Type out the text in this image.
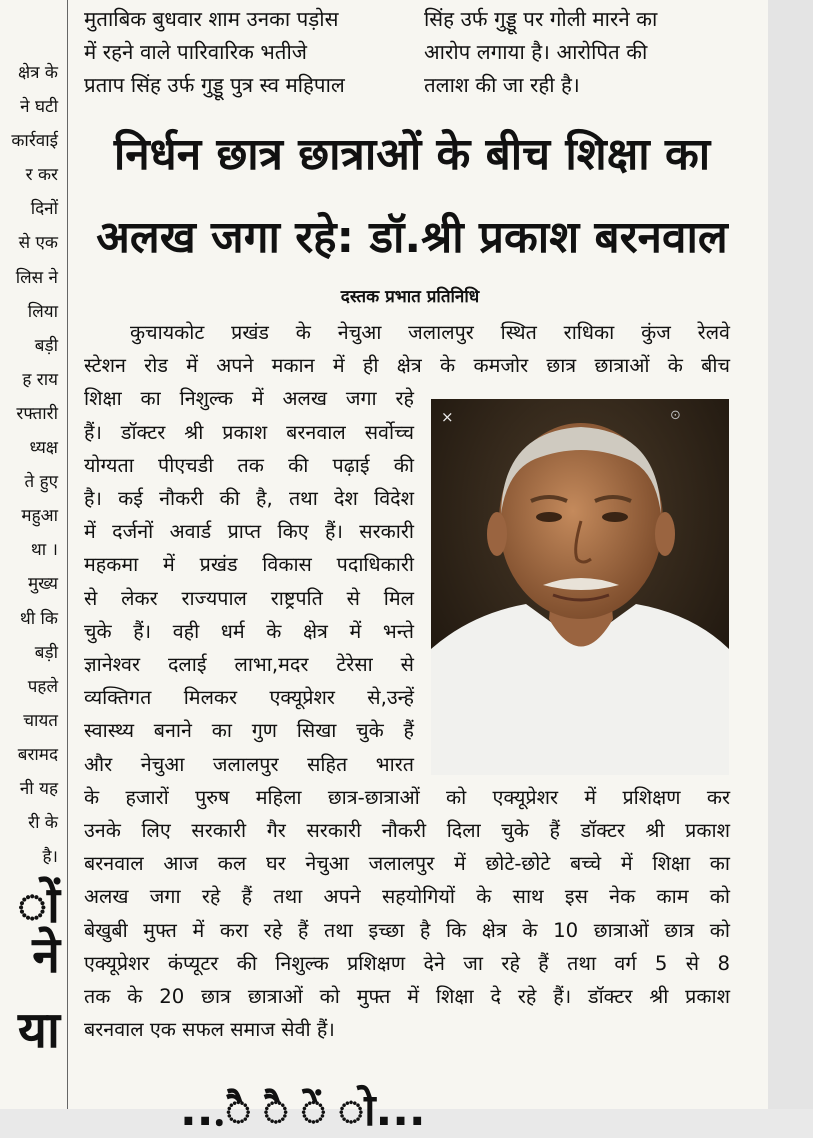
क्षेत्र के
ने घटी
कार्रवाई
र कर
दिनों
से एक
लिस ने
लिया
बड़ी
ह राय
रफ्तारी
ध्यक्ष
ते हुए
महुआ
था ।
मुख्य
थी कि
बड़ी
पहले
चायत
बरामद
नी यह
री के
है।
ों ने
या
मुताबिक बुधवार शाम उनका पड़ोस
में रहने वाले पारिवारिक भतीजे
प्रताप सिंह उर्फ गुड्डू पुत्र स्व महिपाल
सिंह उर्फ गुड्डू पर गोली मारने का
आरोप लगाया है। आरोपित की
तलाश की जा रही है।
निर्धन छात्र छात्राओं के बीच शिक्षा का
अलख जगा रहे: डॉ.श्री प्रकाश बरनवाल
दस्तक प्रभात प्रतिनिधि
कुचायकोट प्रखंड के नेचुआ जलालपुर स्थित राधिका कुंज रेलवे
स्टेशन रोड में अपने मकान में ही क्षेत्र के कमजोर छात्र छात्राओं के बीच
शिक्षा का निशुल्क में अलख जगा रहे
हैं। डॉक्टर श्री प्रकाश बरनवाल सर्वोच्च
योग्यता पीएचडी तक की पढ़ाई की
है। कई नौकरी की है, तथा देश विदेश
में दर्जनों अवार्ड प्राप्त किए हैं। सरकारी
महकमा में प्रखंड विकास पदाधिकारी
से लेकर राज्यपाल राष्ट्रपति से मिल
चुके हैं। वही धर्म के क्षेत्र में भन्ते
ज्ञानेश्वर दलाई लाभा,मदर टेरेसा से
व्यक्तिगत मिलकर एक्यूप्रेशर से,उन्हें
स्वास्थ्य बनाने का गुण सिखा चुके हैं
और नेचुआ जलालपुर सहित भारत
के हजारों पुरुष महिला छात्र-छात्राओं को एक्यूप्रेशर में प्रशिक्षण कर
उनके लिए सरकारी गैर सरकारी नौकरी दिला चुके हैं डॉक्टर श्री प्रकाश
बरनवाल आज कल घर नेचुआ जलालपुर में छोटे-छोटे बच्चे में शिक्षा का
अलख जगा रहे हैं तथा अपने सहयोगियों के साथ इस नेक काम को
बेखुबी मुफ्त में करा रहे हैं तथा इच्छा है कि क्षेत्र के 10 छात्राओं छात्र को
एक्यूप्रेशर कंप्यूटर की निशुल्क प्रशिक्षण देने जा रहे हैं तथा वर्ग 5 से 8
तक के 20 छात्र छात्राओं को मुफ्त में शिक्षा दे रहे हैं। डॉक्टर श्री प्रकाश
बरनवाल एक सफल समाज सेवी हैं।
×	⊙
...ै ै ें ो...
